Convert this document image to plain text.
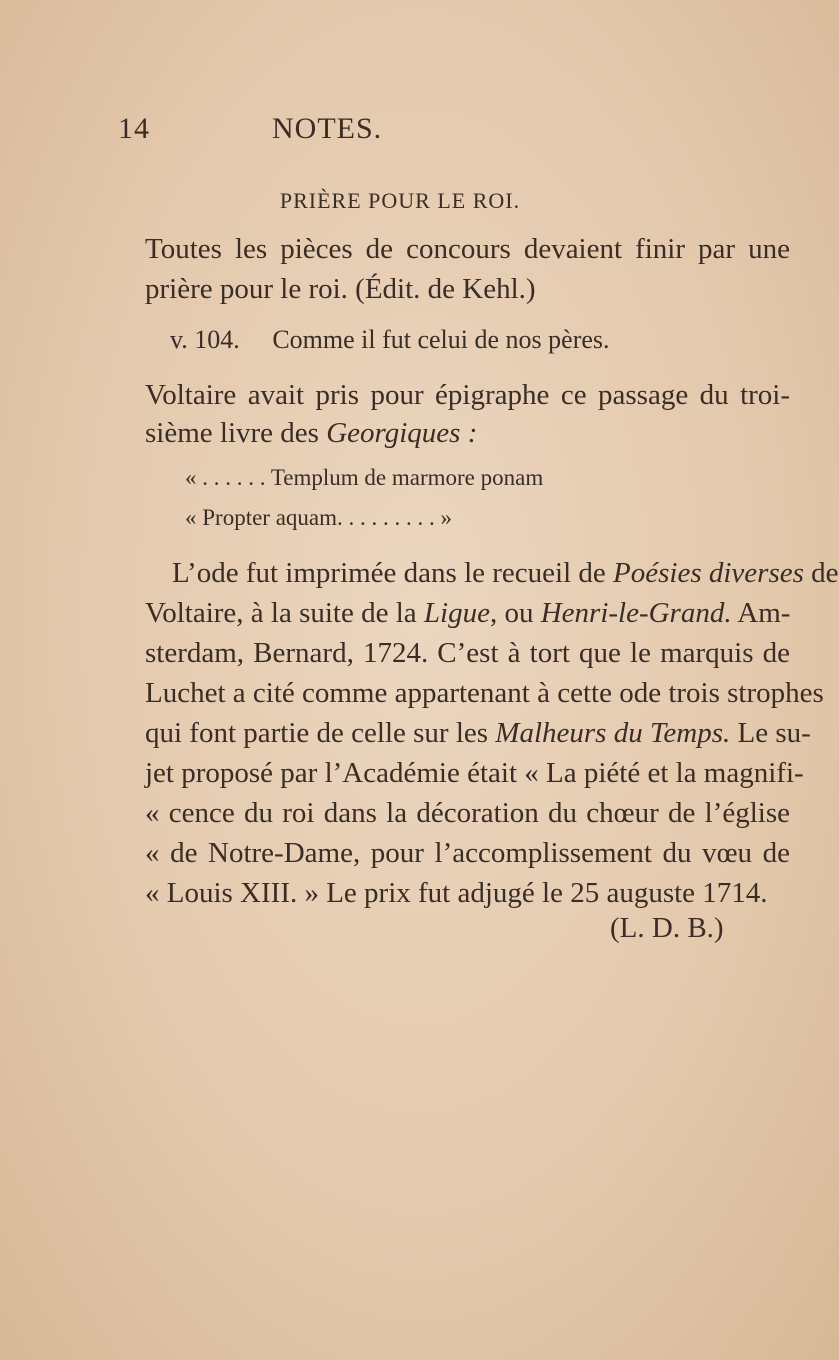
14	NOTES.
PRIÈRE POUR LE ROI.
Toutes les pièces de concours devaient finir par une
prière pour le roi. (Édit. de Kehl.)
v. 104. Comme il fut celui de nos pères.
Voltaire avait pris pour épigraphe ce passage du troi-
sième livre des Georgiques :
« . . . . . . Templum de marmore ponam
« Propter aquam. . . . . . . . . »
L’ode fut imprimée dans le recueil de Poésies diverses de
Voltaire, à la suite de la Ligue, ou Henri-le-Grand. Am-
sterdam, Bernard, 1724. C’est à tort que le marquis de
Luchet a cité comme appartenant à cette ode trois strophes
qui font partie de celle sur les Malheurs du Temps. Le su-
jet proposé par l’Académie était « La piété et la magnifi-
« cence du roi dans la décoration du chœur de l’église
« de Notre-Dame, pour l’accomplissement du vœu de
« Louis XIII. » Le prix fut adjugé le 25 auguste 1714.
(L. D. B.)
